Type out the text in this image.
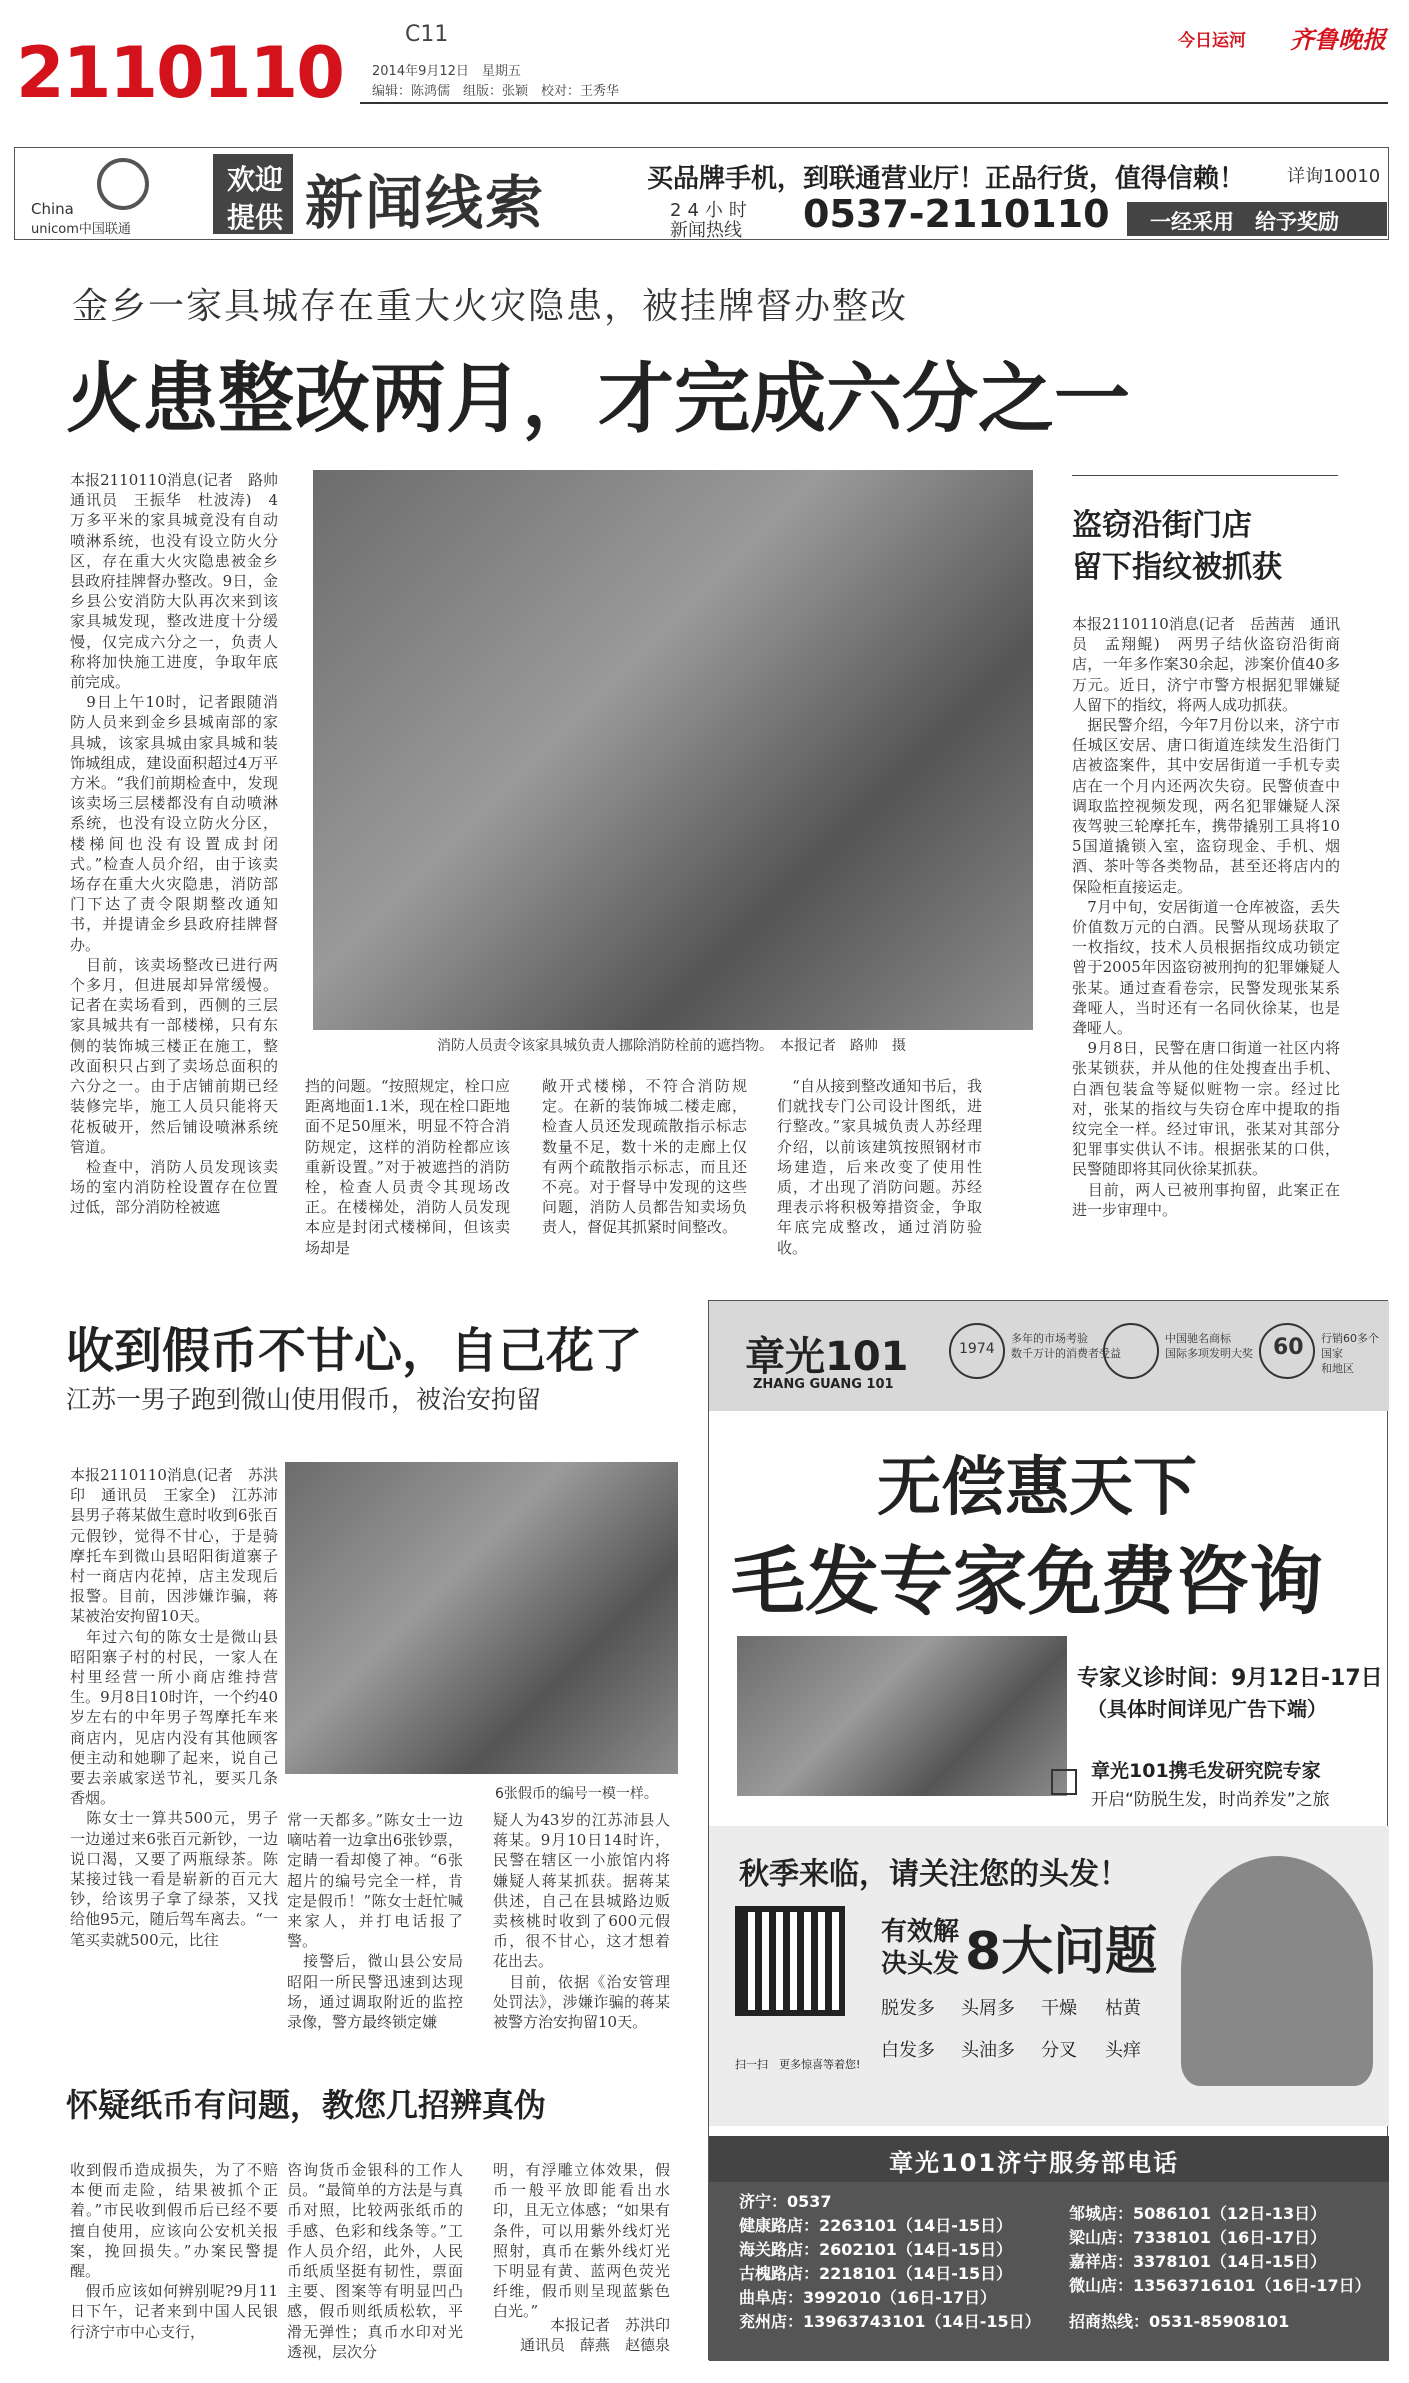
2110110	C11
2014年9月12日　星期五
编辑：陈鸿儒　组版：张颖　校对：王秀华
今日运河 齐鲁晚报
China
unicom中国联通
欢迎
提供 新闻线索	买品牌手机，到联通营业厅！正品行货，值得信赖！ 详询10010
24小时
新闻热线 0537-2110110 一经采用　给予奖励
金乡一家具城存在重大火灾隐患，被挂牌督办整改
火患整改两月，才完成六分之一
本报2110110消息(记者　路帅　通讯员　王振华　杜波涛)　4万多平米的家具城竟没有自动喷淋系统，也没有设立防火分区，存在重大火灾隐患被金乡县政府挂牌督办整改。9日，金乡县公安消防大队再次来到该家具城发现，整改进度十分缓慢，仅完成六分之一，负责人称将加快施工进度，争取年底前完成。
　9日上午10时，记者跟随消防人员来到金乡县城南部的家具城，该家具城由家具城和装饰城组成，建设面积超过4万平方米。“我们前期检查中，发现该卖场三层楼都没有自动喷淋系统，也没有设立防火分区，楼梯间也没有设置成封闭式。”检查人员介绍，由于该卖场存在重大火灾隐患，消防部门下达了责令限期整改通知书，并提请金乡县政府挂牌督办。
　目前，该卖场整改已进行两个多月，但进展却异常缓慢。记者在卖场看到，西侧的三层家具城共有一部楼梯，只有东侧的装饰城三楼正在施工，整改面积只占到了卖场总面积的六分之一。由于店铺前期已经装修完毕，施工人员只能将天花板破开，然后铺设喷淋系统管道。
　检查中，消防人员发现该卖场的室内消防栓设置存在位置过低，部分消防栓被遮
消防人员责令该家具城负责人挪除消防栓前的遮挡物。　本报记者　路帅　摄
挡的问题。“按照规定，栓口应距离地面1.1米，现在栓口距地面不足50厘米，明显不符合消防规定，这样的消防栓都应该重新设置。”对于被遮挡的消防栓，检查人员责令其现场改正。在楼梯处，消防人员发现本应是封闭式楼梯间，但该卖场却是
敞开式楼梯，不符合消防规定。在新的装饰城二楼走廊，检查人员还发现疏散指示标志数量不足，数十米的走廊上仅有两个疏散指示标志，而且还不亮。对于督导中发现的这些问题，消防人员都告知卖场负责人，督促其抓紧时间整改。
　“自从接到整改通知书后，我们就找专门公司设计图纸，进行整改。”家具城负责人苏经理介绍，以前该建筑按照钢材市场建造，后来改变了使用性质，才出现了消防问题。苏经理表示将积极筹措资金，争取年底完成整改，通过消防验收。
盗窃沿街门店
留下指纹被抓获
本报2110110消息(记者　岳茜茜　通讯员　孟翔鲲)　两男子结伙盗窃沿街商店，一年多作案30余起，涉案价值40多万元。近日，济宁市警方根据犯罪嫌疑人留下的指纹，将两人成功抓获。
　据民警介绍，今年7月份以来，济宁市任城区安居、唐口街道连续发生沿街门店被盗案件，其中安居街道一手机专卖店在一个月内还两次失窃。民警侦查中调取监控视频发现，两名犯罪嫌疑人深夜驾驶三轮摩托车，携带撬别工具将105国道撬锁入室，盗窃现金、手机、烟酒、茶叶等各类物品，甚至还将店内的保险柜直接运走。
　7月中旬，安居街道一仓库被盗，丢失价值数万元的白酒。民警从现场获取了一枚指纹，技术人员根据指纹成功锁定曾于2005年因盗窃被刑拘的犯罪嫌疑人张某。通过查看卷宗，民警发现张某系聋哑人，当时还有一名同伙徐某，也是聋哑人。
　9月8日，民警在唐口街道一社区内将张某锁获，并从他的住处搜查出手机、白酒包装盒等疑似赃物一宗。经过比对，张某的指纹与失窃仓库中提取的指纹完全一样。经过审讯，张某对其部分犯罪事实供认不讳。根据张某的口供，民警随即将其同伙徐某抓获。
　目前，两人已被刑事拘留，此案正在进一步审理中。
收到假币不甘心，自己花了
江苏一男子跑到微山使用假币，被治安拘留
本报2110110消息(记者　苏洪印　通讯员　王家全)　江苏沛县男子蒋某做生意时收到6张百元假钞，觉得不甘心，于是骑摩托车到微山县昭阳街道寨子村一商店内花掉，店主发现后报警。目前，因涉嫌诈骗，蒋某被治安拘留10天。
　年过六旬的陈女士是微山县昭阳寨子村的村民，一家人在村里经营一所小商店维持营生。9月8日10时许，一个约40岁左右的中年男子驾摩托车来商店内，见店内没有其他顾客便主动和她聊了起来，说自己要去亲戚家送节礼，要买几条香烟。
　陈女士一算共500元，男子一边递过来6张百元新钞，一边说口渴，又要了两瓶绿茶。陈某接过钱一看是崭新的百元大钞，给该男子拿了绿茶，又找给他95元，随后驾车离去。“一笔买卖就500元，比往
6张假币的编号一模一样。
常一天都多。”陈女士一边嘀咕着一边拿出6张钞票，定睛一看却傻了神。“6张超片的编号完全一样，肯定是假币！”陈女士赶忙喊来家人，并打电话报了警。
　接警后，微山县公安局昭阳一所民警迅速到达现场，通过调取附近的监控录像，警方最终锁定嫌
疑人为43岁的江苏沛县人蒋某。9月10日14时许，民警在辖区一小旅馆内将嫌疑人蒋某抓获。据蒋某供述，自己在县城路边贩卖核桃时收到了600元假币，很不甘心，这才想着花出去。
　目前，依据《治安管理处罚法》，涉嫌诈骗的蒋某被警方治安拘留10天。
怀疑纸币有问题，教您几招辨真伪
收到假币造成损失，为了不赔本便而走险，结果被抓个正着。”市民收到假币后已经不要擅自使用，应该向公安机关报案，挽回损失。”办案民警提醒。
　假币应该如何辨别呢?9月11日下午，记者来到中国人民银行济宁市中心支行，
咨询货币金银科的工作人员。“最简单的方法是与真币对照，比较两张纸币的手感、色彩和线条等。”工作人员介绍，此外，人民币纸质坚挺有韧性，票面主要、图案等有明显凹凸感，假币则纸质松软，平滑无弹性；真币水印对光透视，层次分
明，有浮雕立体效果，假币一般平放即能看出水印，且无立体感；“如果有条件，可以用紫外线灯光照射，真币在紫外线灯光下明显有黄、蓝两色荧光纤维，假币则呈现蓝紫色白光。”
本报记者　苏洪印
通讯员　薛燕　赵德泉
章光101
ZHANG GUANG 101
1974
多年的市场考验
数千万计的消费者受益
中国驰名商标
国际多项发明大奖 60 行销60多个国家
和地区
无偿惠天下
毛发专家免费咨询
专家义诊时间：9月12日-17日
（具体时间详见广告下端）
章光101携毛发研究院专家
开启“防脱生发，时尚养发”之旅
秋季来临，请关注您的头发！
扫一扫　更多惊喜等着您!
有效解
决头发 8大问题
脱发多 头屑多 干燥 枯黄
白发多 头油多 分叉 头痒
章光101济宁服务部电话
济宁：0537
健康路店：2263101（14日-15日）
海关路店：2602101（14日-15日）
古槐路店：2218101（14日-15日）
曲阜店：3992010（16日-17日）
兖州店：13963743101（14日-15日）
邹城店：5086101（12日-13日）
梁山店：7338101（16日-17日）
嘉祥店：3378101（14日-15日）
微山店：13563716101（16日-17日）
招商热线：0531-85908101
